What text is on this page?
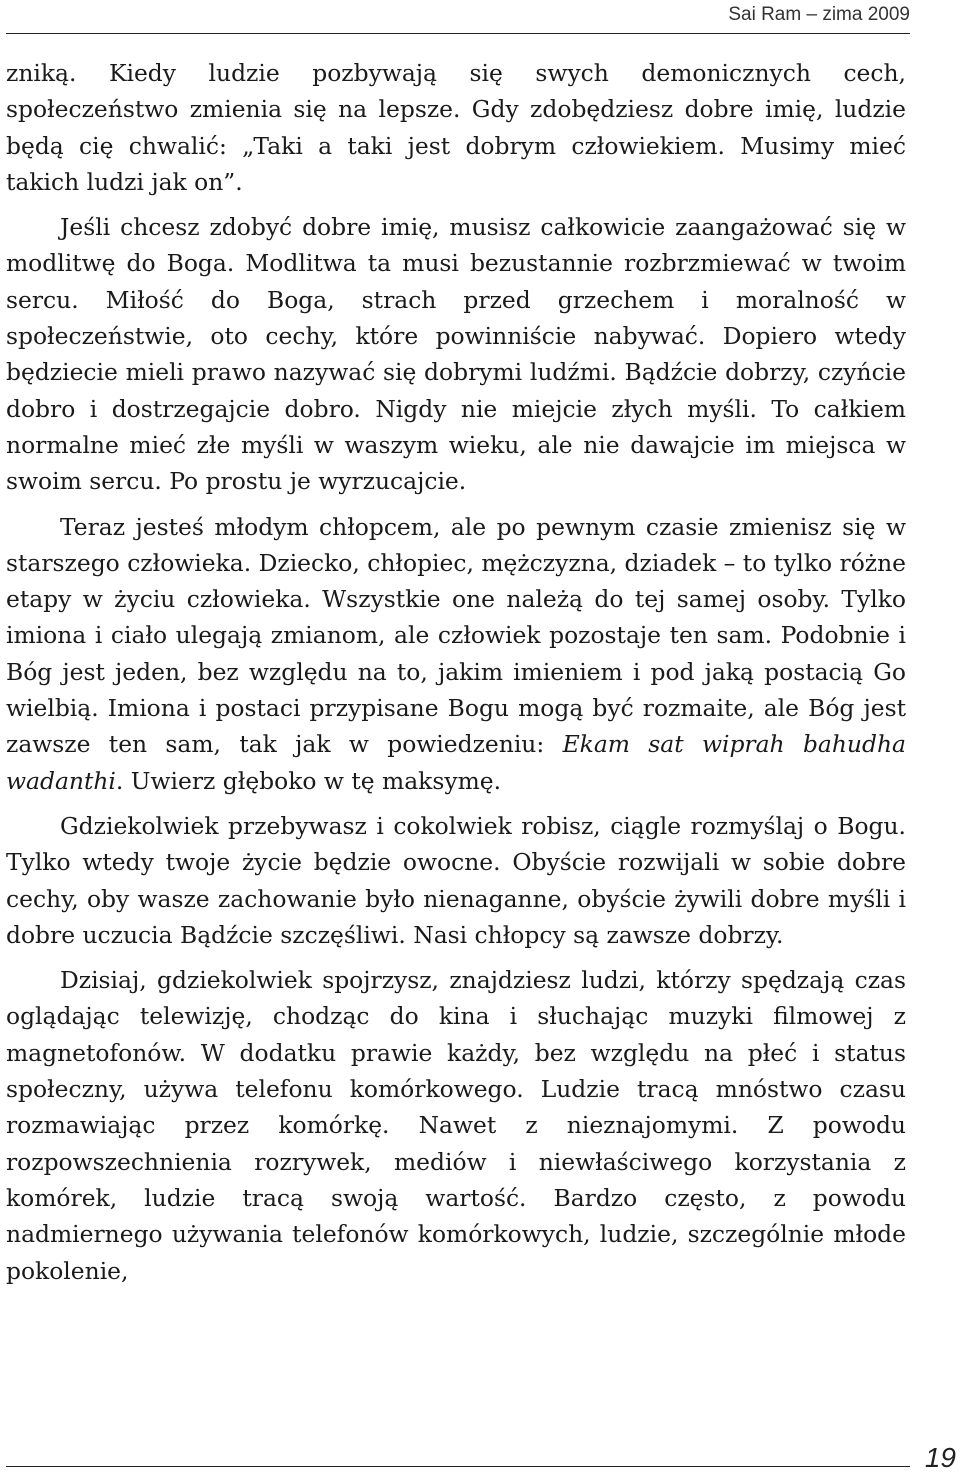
Sai Ram – zima 2009

zniką. Kiedy ludzie pozbywają się swych demonicznych cech, społeczeństwo zmienia się na lepsze. Gdy zdobędziesz dobre imię, ludzie będą cię chwalić: „Taki a taki jest dobrym człowiekiem. Musimy mieć takich ludzi jak on”.

Jeśli chcesz zdobyć dobre imię, musisz całkowicie zaangażować się w modlitwę do Boga. Modlitwa ta musi bezustannie rozbrzmiewać w twoim sercu. Miłość do Boga, strach przed grzechem i moralność w społeczeństwie, oto cechy, które powinniście nabywać. Dopiero wtedy będziecie mieli prawo nazywać się dobrymi ludźmi. Bądźcie dobrzy, czyńcie dobro i dostrzegajcie dobro. Nigdy nie miejcie złych myśli. To całkiem normalne mieć złe myśli w waszym wieku, ale nie dawajcie im miejsca w swoim sercu. Po prostu je wyrzucajcie.

Teraz jesteś młodym chłopcem, ale po pewnym czasie zmienisz się w starszego człowieka. Dziecko, chłopiec, mężczyzna, dziadek – to tylko różne etapy w życiu człowieka. Wszystkie one należą do tej samej osoby. Tylko imiona i ciało ulegają zmianom, ale człowiek pozostaje ten sam. Podobnie i Bóg jest jeden, bez względu na to, jakim imieniem i pod jaką postacią Go wielbią. Imiona i postaci przypisane Bogu mogą być rozmaite, ale Bóg jest zawsze ten sam, tak jak w powiedzeniu: Ekam sat wiprah bahudha wadanthi. Uwierz głęboko w tę maksymę.

Gdziekolwiek przebywasz i cokolwiek robisz, ciągle rozmyślaj o Bogu. Tylko wtedy twoje życie będzie owocne. Obyście rozwijali w sobie dobre cechy, oby wasze zachowanie było nienaganne, obyście żywili dobre myśli i dobre uczucia Bądźcie szczęśliwi. Nasi chłopcy są zawsze dobrzy.

Dzisiaj, gdziekolwiek spojrzysz, znajdziesz ludzi, którzy spędzają czas oglądając telewizję, chodząc do kina i słuchając muzyki filmowej z magnetofonów. W dodatku prawie każdy, bez względu na płeć i status społeczny, używa telefonu komórkowego. Ludzie tracą mnóstwo czasu rozmawiając przez komórkę. Nawet z nieznajomymi. Z powodu rozpowszechnienia rozrywek, mediów i niewłaściwego korzystania z komórek, ludzie tracą swoją wartość. Bardzo często, z powodu nadmiernego używania telefonów komórkowych, ludzie, szczególnie młode pokolenie,

19
